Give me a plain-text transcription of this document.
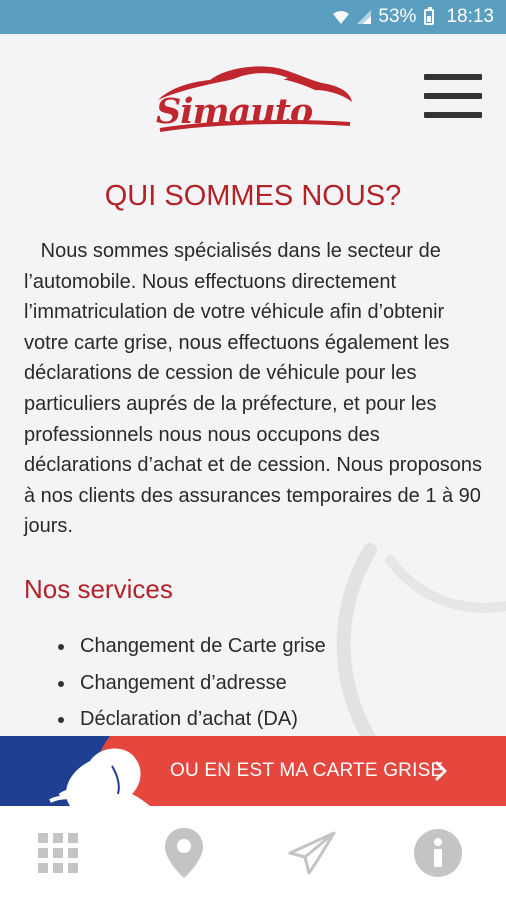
53% 18:13
Simauto
QUI SOMMES NOUS?

Nous sommes spécialisés dans le secteur de l’automobile. Nous effectuons directement l’immatriculation de votre véhicule afin d’obtenir votre carte grise, nous effectuons également les déclarations de cession de véhicule pour les particuliers auprés de la préfecture, et pour les professionnels nous nous occupons des déclarations d’achat et de cession. Nous proposons à nos clients des assurances temporaires de 1 à 90 jours.

Nos services
Changement de Carte grise
Changement d’adresse
Déclaration d’achat (DA)
OU EN EST MA CARTE GRISE
